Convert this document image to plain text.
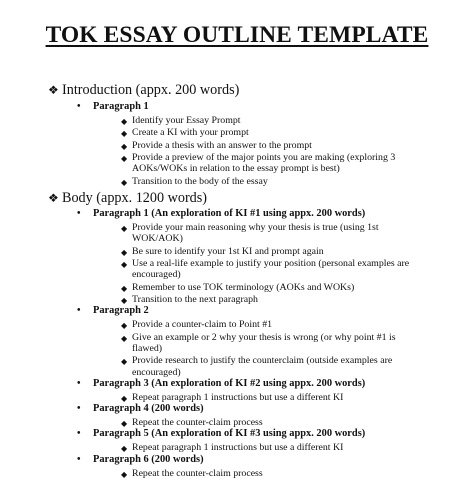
TOK ESSAY OUTLINE TEMPLATE
❖ Introduction (appx. 200 words)
• Paragraph 1
◆ Identify your Essay Prompt
◆ Create a KI with your prompt
◆ Provide a thesis with an answer to the prompt
◆ Provide a preview of the major points you are making (exploring 3 AOKs/WOKs in relation to the essay prompt is best)
◆ Transition to the body of the essay
❖ Body (appx. 1200 words)
• Paragraph 1 (An exploration of KI #1 using appx. 200 words)
◆ Provide your main reasoning why your thesis is true (using 1st WOK/AOK)
◆ Be sure to identify your 1st KI and prompt again
◆ Use a real-life example to justify your position (personal examples are encouraged)
◆ Remember to use TOK terminology (AOKs and WOKs)
◆ Transition to the next paragraph
• Paragraph 2
◆ Provide a counter-claim to Point #1
◆ Give an example or 2 why your thesis is wrong (or why point #1 is flawed)
◆ Provide research to justify the counterclaim (outside examples are encouraged)
• Paragraph 3 (An exploration of KI #2 using appx. 200 words)
◆ Repeat paragraph 1 instructions but use a different KI
• Paragraph 4 (200 words)
◆ Repeat the counter-claim process
• Paragraph 5 (An exploration of KI #3 using appx. 200 words)
◆ Repeat paragraph 1 instructions but use a different KI
• Paragraph 6 (200 words)
◆ Repeat the counter-claim process
